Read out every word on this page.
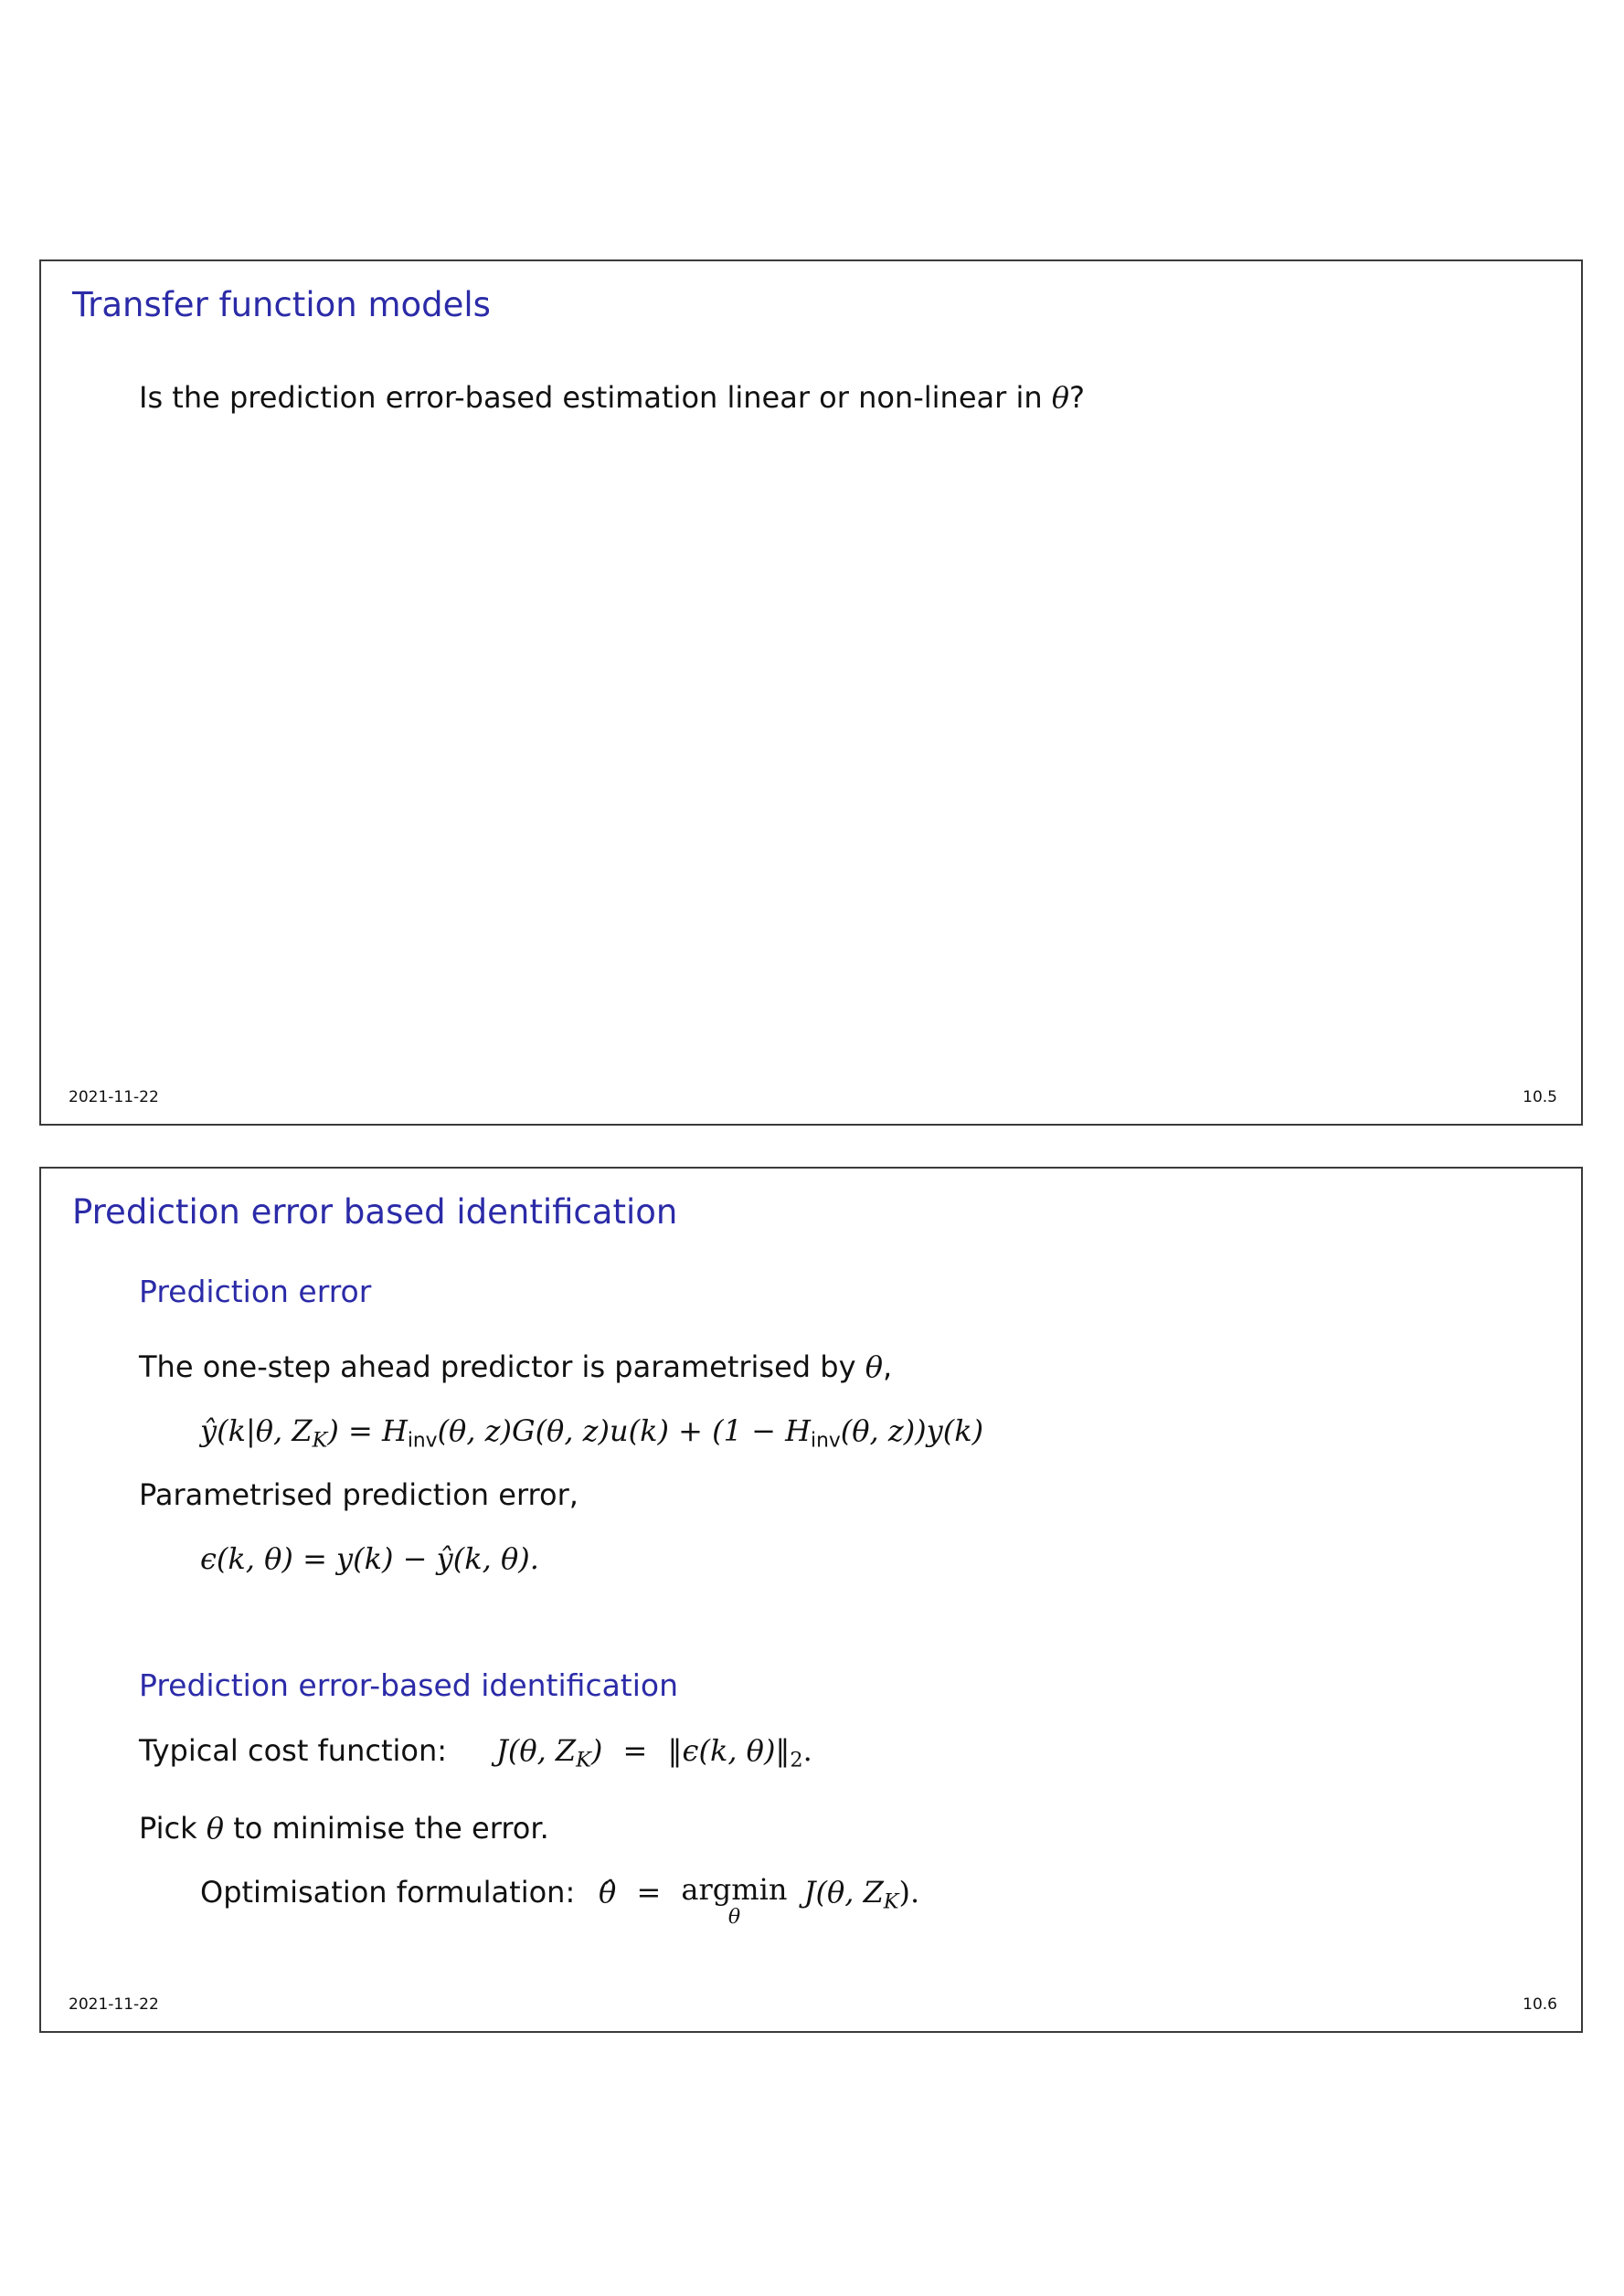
Transfer function models
Is the prediction error-based estimation linear or non-linear in θ?
2021-11-22	10.5
Prediction error based identification
Prediction error
The one-step ahead predictor is parametrised by θ,
ŷ(k|θ, $Z_K) = H_{inv}(\theta$, z)G(θ, $z)u(k) + (1 - H_{inv}(\theta$, z))y(k)
Parametrised prediction error,
ϵ(k, θ) = y(k) − ŷ(k, θ).
Prediction error-based identification
Typical cost function: J(θ, $Z_K$) = ‖ϵ(k, $\theta)‖_2$.
Pick θ to minimise the error.
Optimisation formulation: θ̂ = argmin
θ
J(θ, $Z_K$).
2021-11-22	10.6
